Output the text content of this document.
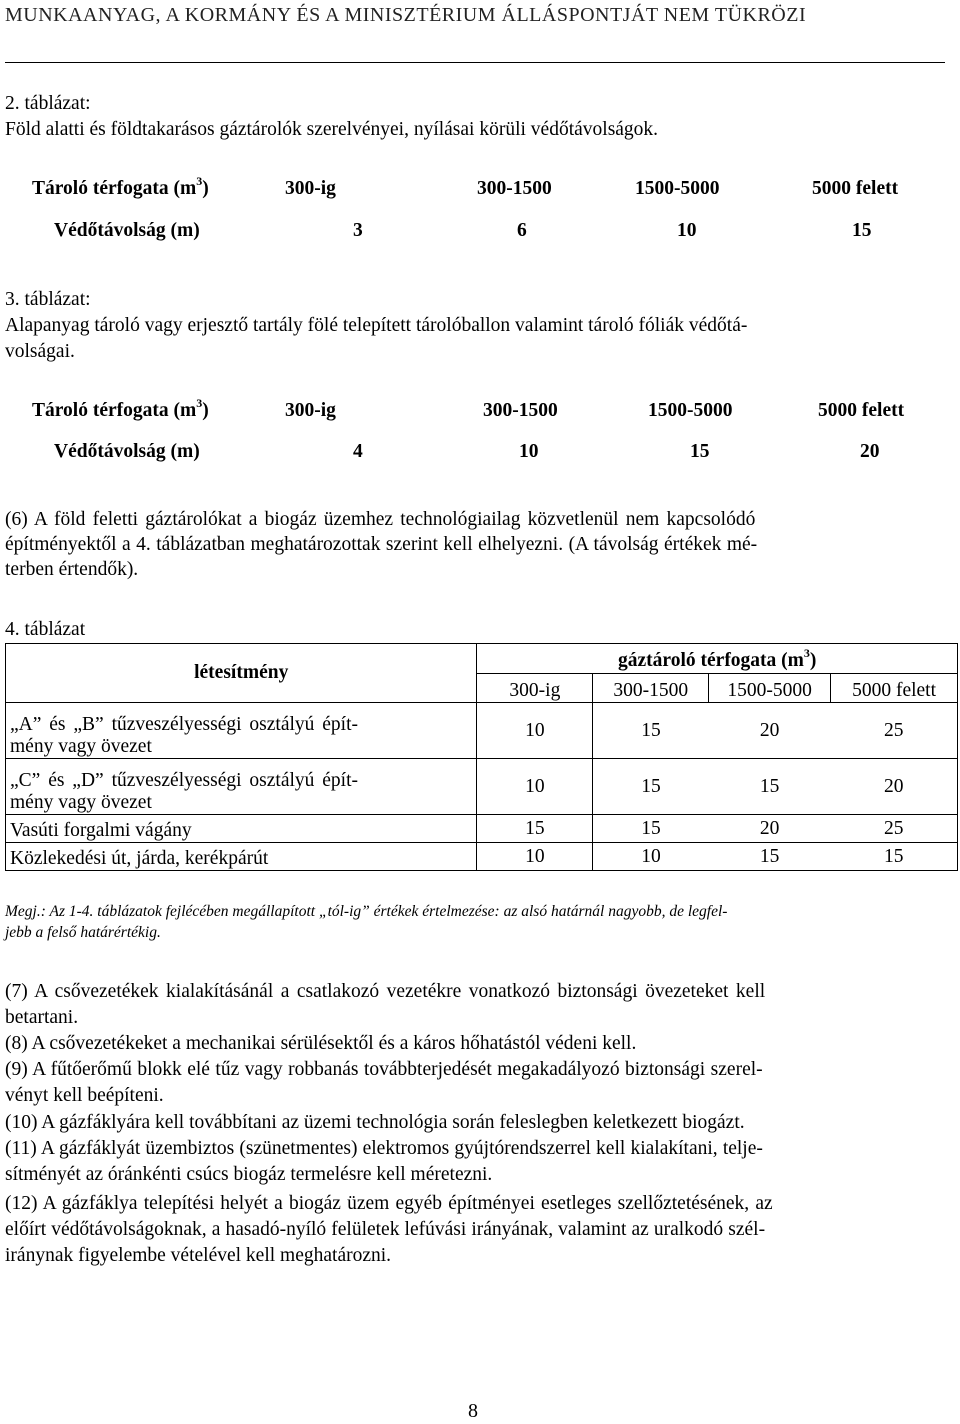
MUNKAANYAG, A KORMÁNY ÉS A MINISZTÉRIUM ÁLLÁSPONTJÁT NEM TÜKRÖZI
2. táblázat:
Föld alatti és földtakarásos gáztárolók szerelvényei, nyílásai körüli védőtávolságok.
Tároló térfogata $(m^3)$	300-ig	300-1500	1500-5000	5000 felett
Védőtávolság (m)	3	6	10	15
3. táblázat:
Alapanyag tároló vagy erjesztő tartály fölé telepített tárolóballon valamint tároló fóliák védőtá-
volságai.
Tároló térfogata $(m^3)$	300-ig	300-1500	1500-5000	5000 felett
Védőtávolság (m)	4	10	15	20
(6) A föld feletti gáztárolókat a biogáz üzemhez technológiailag közvetlenül nem kapcsolódó
építményektől a 4. táblázatban meghatározottak szerint kell elhelyezni. (A távolság értékek mé-
terben értendők).
4. táblázat
létesítmény	gáztároló térfogata $(m^3)$			
	300-ig	300-1500	1500-5000	5000 felett

„A” és „B” tűzveszélyességi osztályú épít-
mény vagy övezet	10	15	20	25

„C” és „D” tűzveszélyességi osztályú épít-
mény vagy övezet	10	15	15	20
Vasúti forgalmi vágány	15	15	20	25
Közlekedési út, járda, kerékpárút	10	10	15	15
Megj.: Az 1-4. táblázatok fejlécében megállapított „tól-ig” értékek értelmezése: az alsó határnál nagyobb, de legfel-
jebb a felső határértékig.
(7) A csővezetékek kialakításánál a csatlakozó vezetékre vonatkozó biztonsági övezeteket kell
betartani.
(8) A csővezetékeket a mechanikai sérülésektől és a káros hőhatástól védeni kell.
(9) A fűtőerőmű blokk elé tűz vagy robbanás továbbterjedését megakadályozó biztonsági szerel-
vényt kell beépíteni.
(10) A gázfáklyára kell továbbítani az üzemi technológia során feleslegben keletkezett biogázt.
(11) A gázfáklyát üzembiztos (szünetmentes) elektromos gyújtórendszerrel kell kialakítani, telje-
sítményét az óránkénti csúcs biogáz termelésre kell méretezni.
(12) A gázfáklya telepítési helyét a biogáz üzem egyéb építményei esetleges szellőztetésének, az
előírt védőtávolságoknak, a hasadó-nyíló felületek lefúvási irányának, valamint az uralkodó szél-
iránynak figyelembe vételével kell meghatározni.
8
